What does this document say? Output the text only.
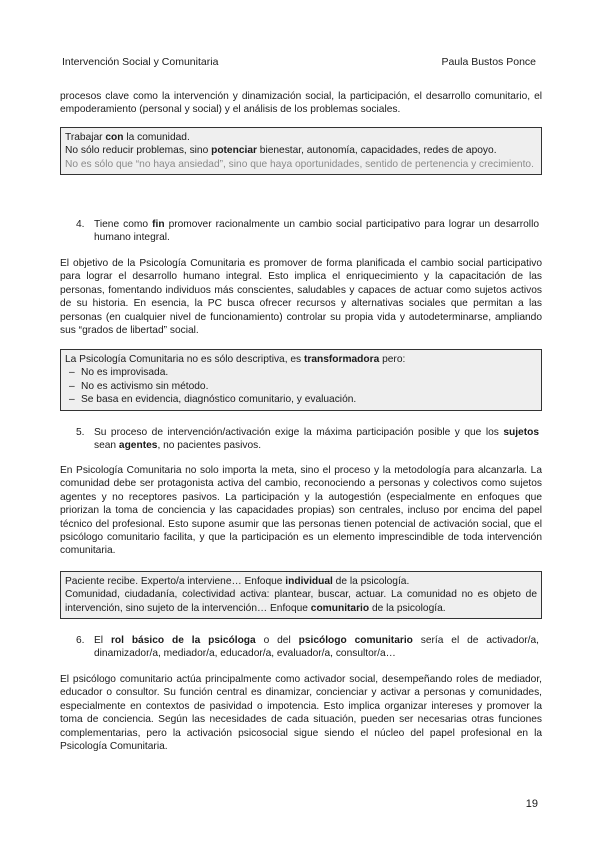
Intervención Social y Comunitaria	Paula Bustos Ponce
procesos clave como la intervención y dinamización social, la participación, el desarrollo comunitario, el empoderamiento (personal y social) y el análisis de los problemas sociales.
Trabajar con la comunidad.
No sólo reducir problemas, sino potenciar bienestar, autonomía, capacidades, redes de apoyo.
No es sólo que “no haya ansiedad”, sino que haya oportunidades, sentido de pertenencia y crecimiento.
4. Tiene como fin promover racionalmente un cambio social participativo para lograr un desarrollo humano integral.
El objetivo de la Psicología Comunitaria es promover de forma planificada el cambio social participativo para lograr el desarrollo humano integral. Esto implica el enriquecimiento y la capacitación de las personas, fomentando individuos más conscientes, saludables y capaces de actuar como sujetos activos de su historia. En esencia, la PC busca ofrecer recursos y alternativas sociales que permitan a las personas (en cualquier nivel de funcionamiento) controlar su propia vida y autodeterminarse, ampliando sus “grados de libertad” social.
La Psicología Comunitaria no es sólo descriptiva, es transformadora pero:
– No es improvisada.
– No es activismo sin método.
– Se basa en evidencia, diagnóstico comunitario, y evaluación.
5. Su proceso de intervención/activación exige la máxima participación posible y que los sujetos sean agentes, no pacientes pasivos.
En Psicología Comunitaria no solo importa la meta, sino el proceso y la metodología para alcanzarla. La comunidad debe ser protagonista activa del cambio, reconociendo a personas y colectivos como sujetos agentes y no receptores pasivos. La participación y la autogestión (especialmente en enfoques que priorizan la toma de conciencia y las capacidades propias) son centrales, incluso por encima del papel técnico del profesional. Esto supone asumir que las personas tienen potencial de activación social, que el psicólogo comunitario facilita, y que la participación es un elemento imprescindible de toda intervención comunitaria.
Paciente recibe. Experto/a interviene… Enfoque individual de la psicología.
Comunidad, ciudadanía, colectividad activa: plantear, buscar, actuar. La comunidad no es objeto de intervención, sino sujeto de la intervención… Enfoque comunitario de la psicología.
6. El rol básico de la psicóloga o del psicólogo comunitario sería el de activador/a, dinamizador/a, mediador/a, educador/a, evaluador/a, consultor/a…
El psicólogo comunitario actúa principalmente como activador social, desempeñando roles de mediador, educador o consultor. Su función central es dinamizar, concienciar y activar a personas y comunidades, especialmente en contextos de pasividad o impotencia. Esto implica organizar intereses y promover la toma de conciencia. Según las necesidades de cada situación, pueden ser necesarias otras funciones complementarias, pero la activación psicosocial sigue siendo el núcleo del papel profesional en la Psicología Comunitaria.
19
